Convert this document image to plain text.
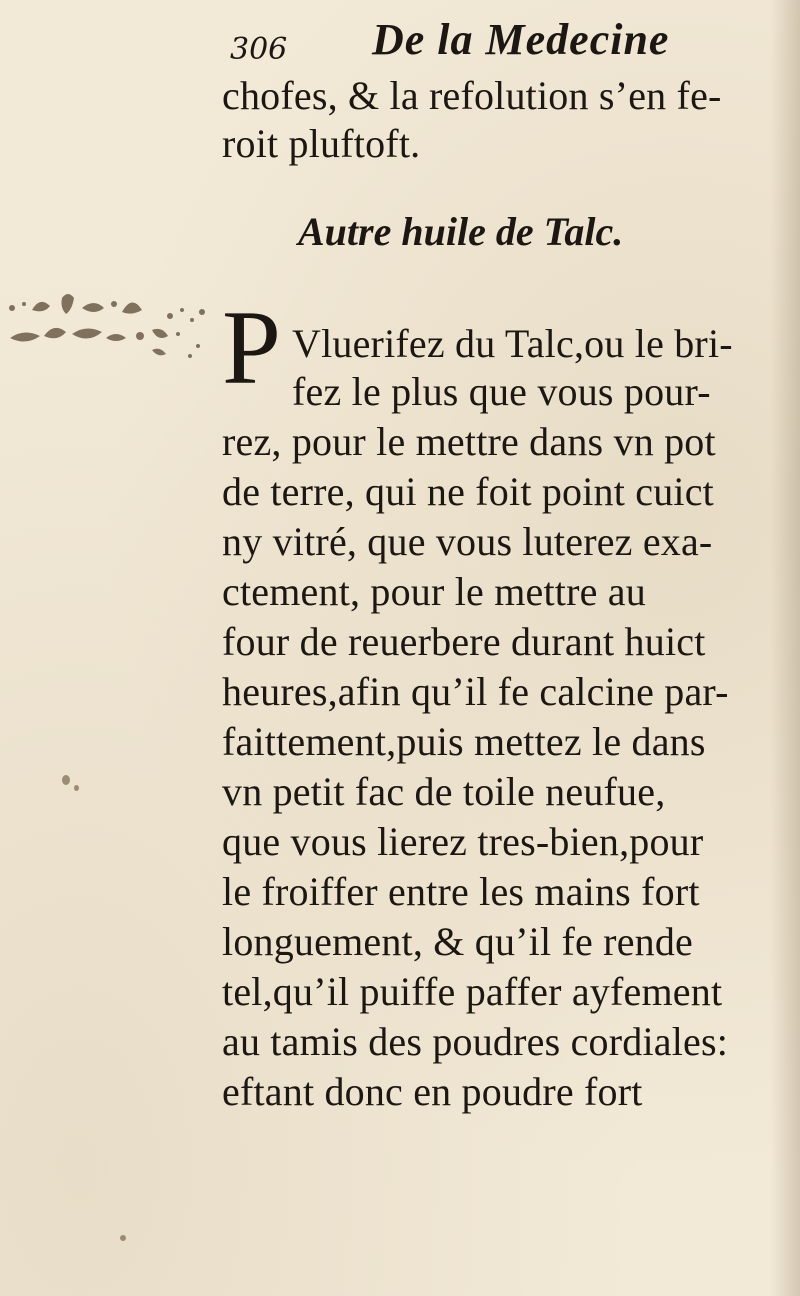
306 De la Medecine
chofes, & la refolution s’en fe-
roit pluftoft.
Autre huile de Talc.
P Vluerifez du Talc,ou le bri-
fez le plus que vous pour-
rez, pour le mettre dans vn pot
de terre, qui ne foit point cuict
ny vitré, que vous luterez exa-
ctement, pour le mettre au
four de reuerbere durant huict
heures,afin qu’il fe calcine par-
faittement,puis mettez le dans
vn petit fac de toile neufue,
que vous lierez tres-bien,pour
le froiffer entre les mains fort
longuement, & qu’il fe rende
tel,qu’il puiffe paffer ayfement
au tamis des poudres cordiales:
eftant donc en poudre fort
